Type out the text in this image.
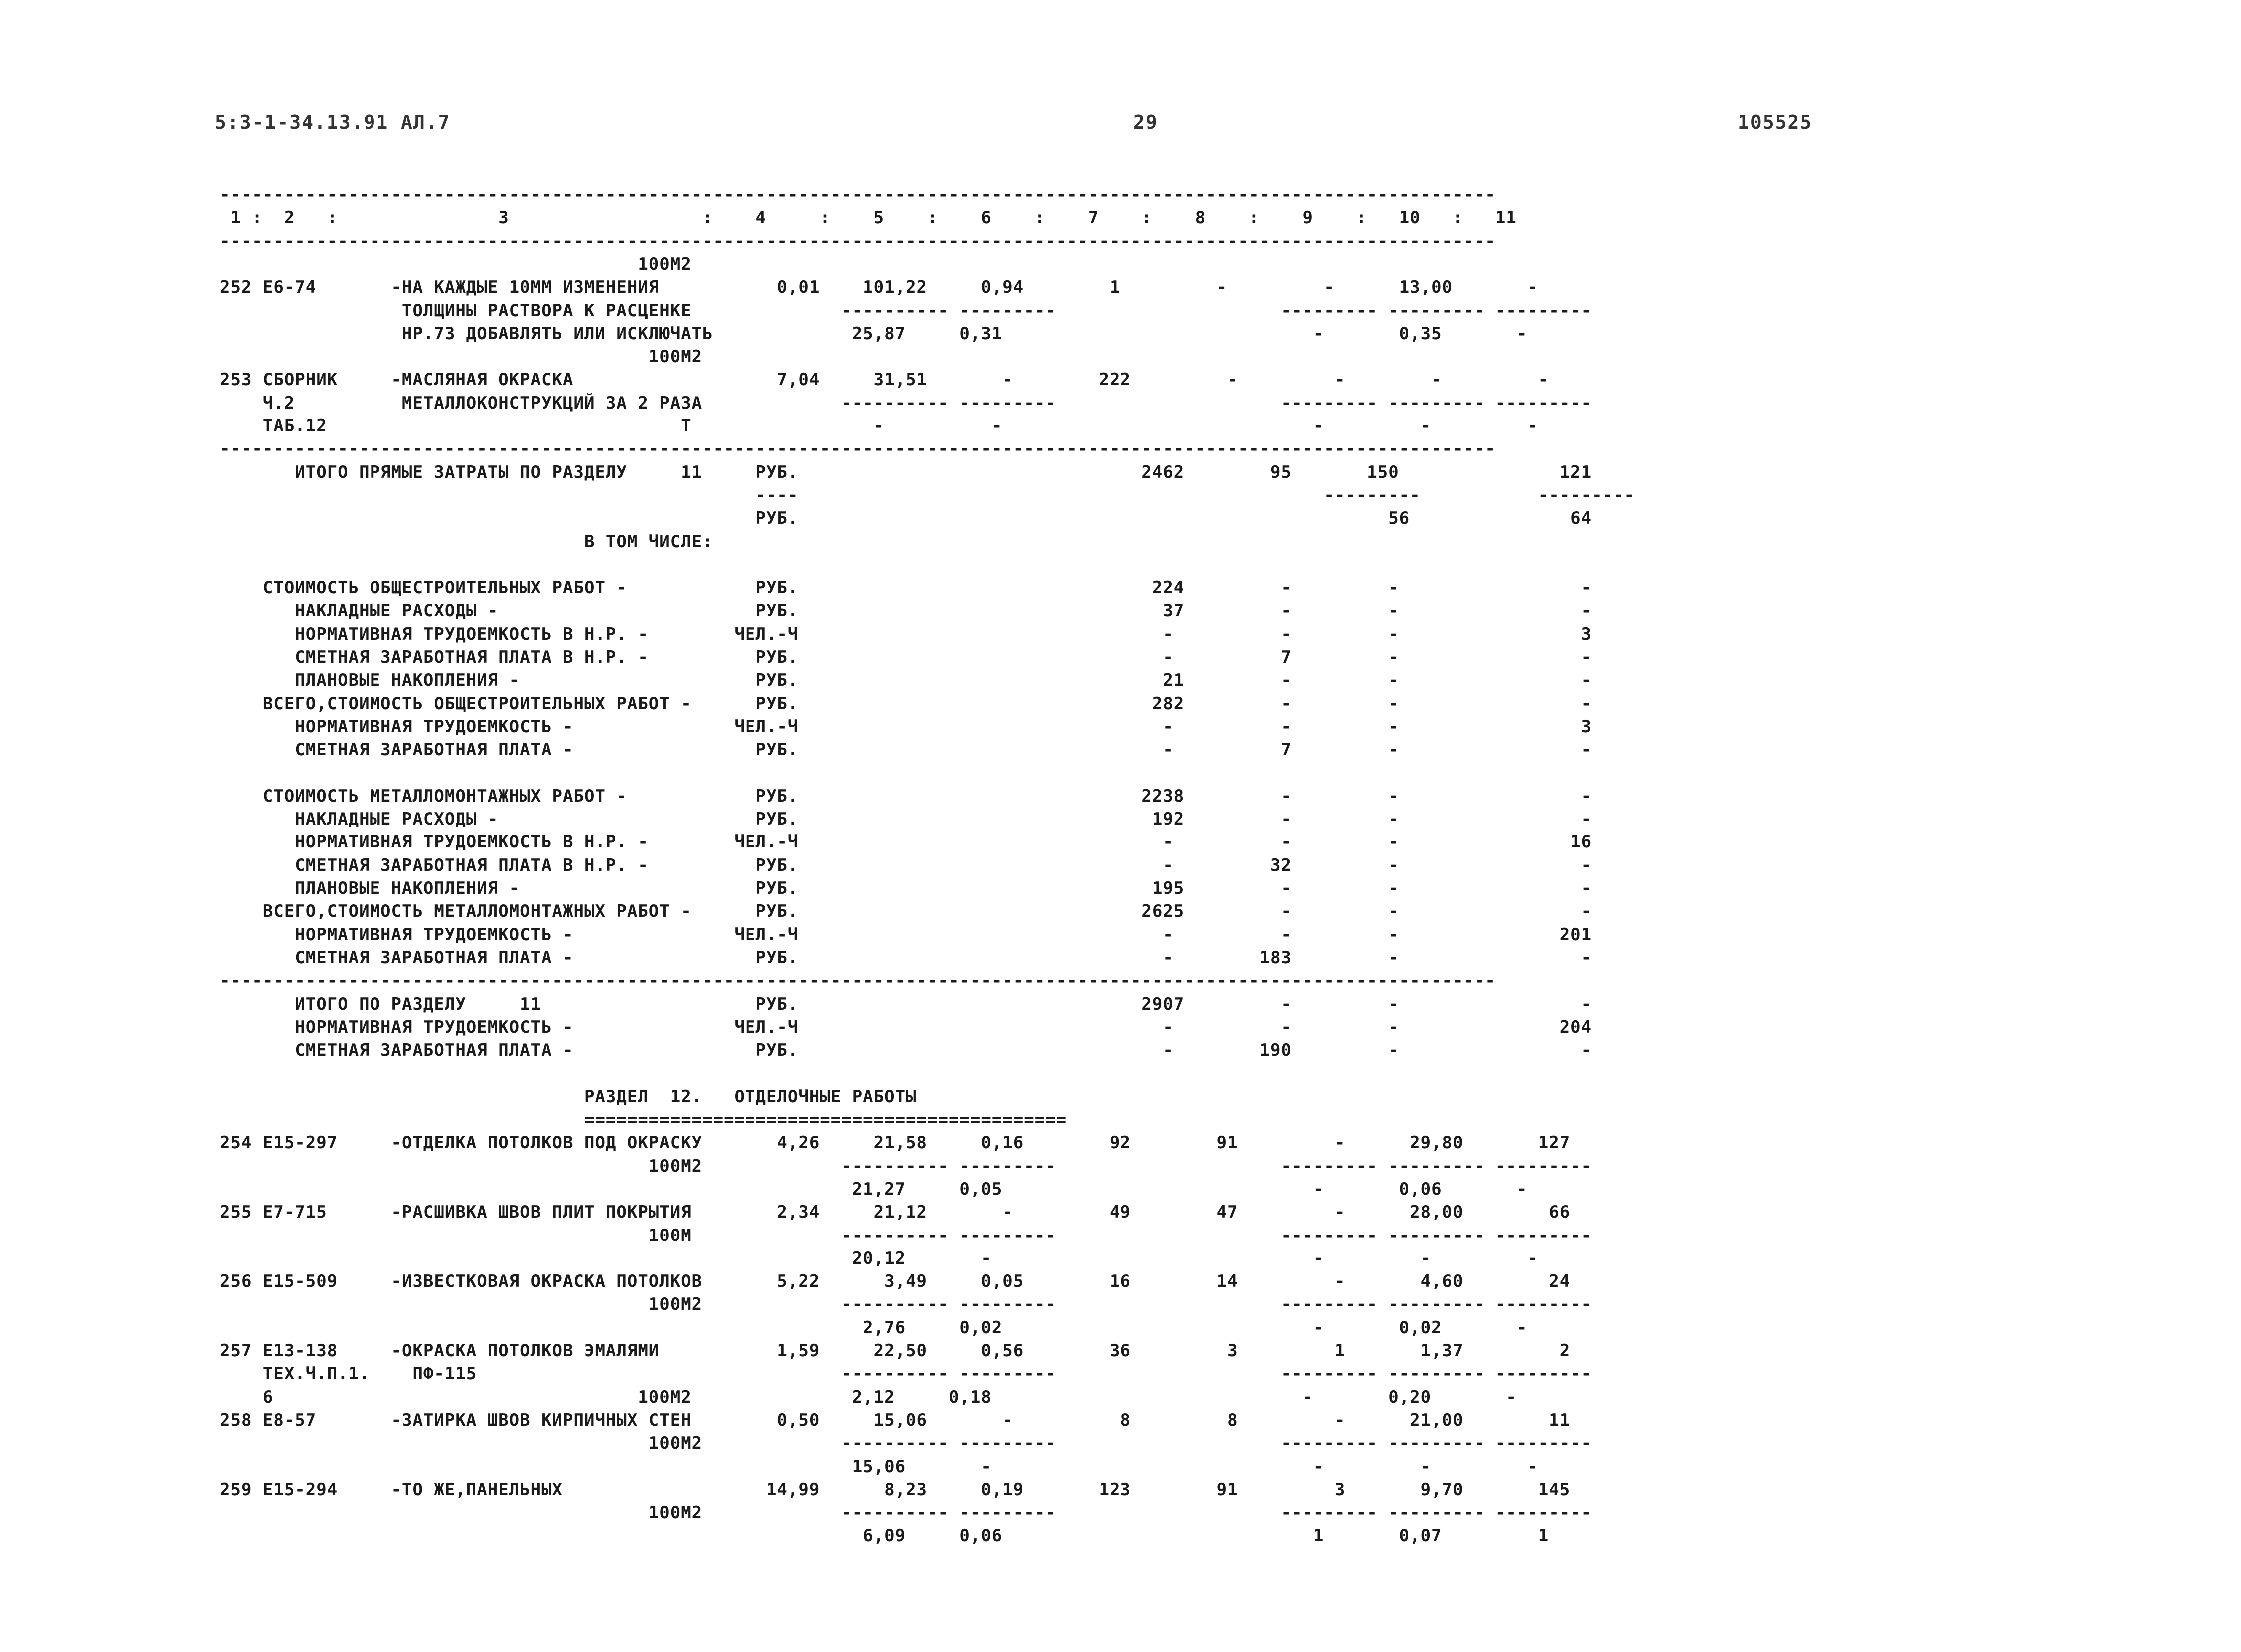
5:3-1-34.13.91 АЛ.7	29	105525
-----------------------------------------------------------------------------------------------------------------------
1 :  2   :               3                  :    4     :    5    :    6    :    7    :    8    :    9    :   10   :   11
-----------------------------------------------------------------------------------------------------------------------
100М2
252 Е6-74       -НА КАЖДЫЕ 10ММ ИЗМЕНЕНИЯ           0,01    101,22     0,94        1         -         -      13,00       -
ТОЛЩИНЫ РАСТВОРА К РАСЦЕНКЕ              ---------- ---------                     --------- --------- ---------
НР.73 ДОБАВЛЯТЬ ИЛИ ИСКЛЮЧАТЬ             25,87     0,31                             -       0,35       -
100М2
253 СБОРНИК     -МАСЛЯНАЯ ОКРАСКА                   7,04     31,51       -        222         -         -        -         -
Ч.2          МЕТАЛЛОКОНСТРУКЦИЙ ЗА 2 РАЗА             ---------- ---------                     --------- --------- ---------
ТАБ.12                                 Т                 -          -                             -         -         -
-----------------------------------------------------------------------------------------------------------------------
ИТОГО ПРЯМЫЕ ЗАТРАТЫ ПО РАЗДЕЛУ     11     РУБ.                                2462        95       150               121
----                                                 ---------           ---------
РУБ.                                                       56               64
В ТОМ ЧИСЛЕ:
СТОИМОСТЬ ОБЩЕСТРОИТЕЛЬНЫХ РАБОТ -            РУБ.                                 224         -         -                 -
НАКЛАДНЫЕ РАСХОДЫ -                        РУБ.                                  37         -         -                 -
НОРМАТИВНАЯ ТРУДОЕМКОСТЬ В Н.Р. -        ЧЕЛ.-Ч                                  -          -         -                 3
СМЕТНАЯ ЗАРАБОТНАЯ ПЛАТА В Н.Р. -          РУБ.                                  -          7         -                 -
ПЛАНОВЫЕ НАКОПЛЕНИЯ -                      РУБ.                                  21         -         -                 -
ВСЕГО,СТОИМОСТЬ ОБЩЕСТРОИТЕЛЬНЫХ РАБОТ -      РУБ.                                 282         -         -                 -
НОРМАТИВНАЯ ТРУДОЕМКОСТЬ -               ЧЕЛ.-Ч                                  -          -         -                 3
СМЕТНАЯ ЗАРАБОТНАЯ ПЛАТА -                 РУБ.                                  -          7         -                 -
СТОИМОСТЬ МЕТАЛЛОМОНТАЖНЫХ РАБОТ -            РУБ.                                2238         -         -                 -
НАКЛАДНЫЕ РАСХОДЫ -                        РУБ.                                 192         -         -                 -
НОРМАТИВНАЯ ТРУДОЕМКОСТЬ В Н.Р. -        ЧЕЛ.-Ч                                  -          -         -                16
СМЕТНАЯ ЗАРАБОТНАЯ ПЛАТА В Н.Р. -          РУБ.                                  -         32         -                 -
ПЛАНОВЫЕ НАКОПЛЕНИЯ -                      РУБ.                                 195         -         -                 -
ВСЕГО,СТОИМОСТЬ МЕТАЛЛОМОНТАЖНЫХ РАБОТ -      РУБ.                                2625         -         -                 -
НОРМАТИВНАЯ ТРУДОЕМКОСТЬ -               ЧЕЛ.-Ч                                  -          -         -               201
СМЕТНАЯ ЗАРАБОТНАЯ ПЛАТА -                 РУБ.                                  -        183         -                 -
-----------------------------------------------------------------------------------------------------------------------
ИТОГО ПО РАЗДЕЛУ     11                    РУБ.                                2907         -         -                 -
НОРМАТИВНАЯ ТРУДОЕМКОСТЬ -               ЧЕЛ.-Ч                                  -          -         -               204
СМЕТНАЯ ЗАРАБОТНАЯ ПЛАТА -                 РУБ.                                  -        190         -                 -
РАЗДЕЛ  12.   ОТДЕЛОЧНЫЕ РАБОТЫ
=============================================
254 Е15-297     -ОТДЕЛКА ПОТОЛКОВ ПОД ОКРАСКУ       4,26     21,58     0,16        92        91         -      29,80       127
100М2             ---------- ---------                     --------- --------- ---------
21,27     0,05                             -       0,06       -
255 Е7-715      -РАСШИВКА ШВОВ ПЛИТ ПОКРЫТИЯ        2,34     21,12       -         49        47         -      28,00        66
100М              ---------- ---------                     --------- --------- ---------
20,12       -                              -         -         -
256 Е15-509     -ИЗВЕСТКОВАЯ ОКРАСКА ПОТОЛКОВ       5,22      3,49     0,05        16        14         -       4,60        24
100М2             ---------- ---------                     --------- --------- ---------
2,76     0,02                             -       0,02       -
257 Е13-138     -ОКРАСКА ПОТОЛКОВ ЭМАЛЯМИ           1,59     22,50     0,56        36         3         1       1,37         2
ТЕХ.Ч.П.1.    ПФ-115                                  ---------- ---------                     --------- --------- ---------
6                                  100М2               2,12     0,18                             -       0,20       -
258 Е8-57       -ЗАТИРКА ШВОВ КИРПИЧНЫХ СТЕН        0,50     15,06       -          8         8         -      21,00        11
100М2             ---------- ---------                     --------- --------- ---------
15,06       -                              -         -         -
259 Е15-294     -ТО ЖЕ,ПАНЕЛЬНЫХ                   14,99      8,23     0,19       123        91         3       9,70       145
100М2             ---------- ---------                     --------- --------- ---------
6,09     0,06                             1       0,07         1
